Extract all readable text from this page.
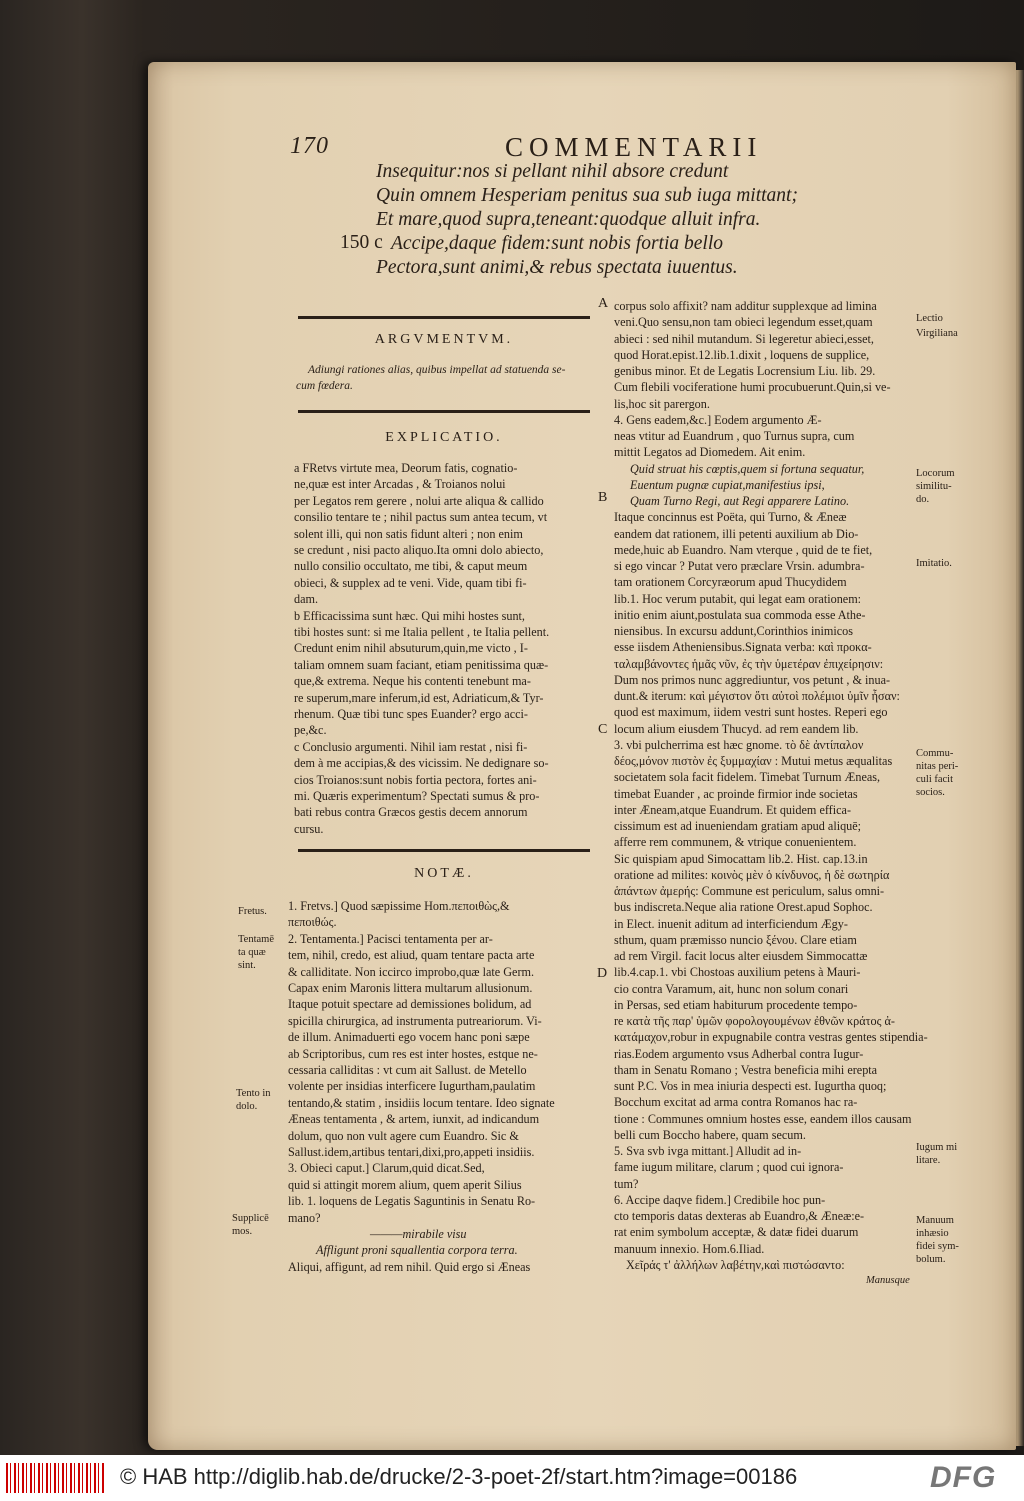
170	COMMENTARII
Insequitur:nos si pellant nihil absore credunt
Quin omnem Hesperiam penitus sua sub iuga mittant;
Et mare,quod supra,teneant:quodque alluit infra.
150 c Accipe,daque fidem:sunt nobis fortia bello
Pectora,sunt animi,& rebus spectata iuuentus.
ARGVMENTVM.
Adiungi rationes alias, quibus impellat ad statuenda se-
cum fœdera.
EXPLICATIO.
a FRetvs virtute mea, Deorum fatis, cognatio-
ne,quæ est inter Arcadas , & Troianos nolui
per Legatos rem gerere , nolui arte aliqua & callido
consilio tentare te ; nihil pactus sum antea tecum, vt
solent illi, qui non satis fidunt alteri ; non enim
se credunt , nisi pacto aliquo.Ita omni dolo abiecto,
nullo consilio occultato, me tibi, & caput meum
obieci, & supplex ad te veni. Vide, quam tibi fi-
dam.
b Efficacissima sunt hæc. Qui mihi hostes sunt,
tibi hostes sunt: si me Italia pellent , te Italia pellent.
Credunt enim nihil absuturum,quin,me victo , I-
taliam omnem suam faciant, etiam penitissima quæ-
que,& extrema. Neque his contenti tenebunt ma-
re superum,mare inferum,id est, Adriaticum,& Tyr-
rhenum. Quæ tibi tunc spes Euander? ergo acci-
pe,&c.
c Conclusio argumenti. Nihil iam restat , nisi fi-
dem à me accipias,& des vicissim. Ne dedignare so-
cios Troianos:sunt nobis fortia pectora, fortes ani-
mi. Quæris experimentum? Spectati sumus & pro-
bati rebus contra Græcos gestis decem annorum
cursu.
NOTÆ.
1. Fretvs.] Quod sæpissime Hom.πεποιθὼς,&
πεποιθώς.
2. Tentamenta.] Pacisci tentamenta per ar-
tem, nihil, credo, est aliud, quam tentare pacta arte
& calliditate. Non iccirco improbo,quæ late Germ.
Capax enim Maronis littera multarum allusionum.
Itaque potuit spectare ad demissiones bolidum, ad
spicilla chirurgica, ad instrumenta putreariorum. Vi-
de illum. Animaduerti ego vocem hanc poni sæpe
ab Scriptoribus, cum res est inter hostes, estque ne-
cessaria calliditas : vt cum ait Sallust. de Metello
volente per insidias interficere Iugurtham,paulatim
tentando,& statim , insidiis locum tentare. Ideo signate
Æneas tentamenta , & artem, iunxit, ad indicandum
dolum, quo non vult agere cum Euandro. Sic &
Sallust.idem,artibus tentari,dixi,pro,appeti insidiis.
3. Obieci caput.] Clarum,quid dicat.Sed,
quid si attingit morem alium, quem aperit Silius
lib. 1. loquens de Legatis Saguntinis in Senatu Ro-
mano?
———mirabile visu
Affligunt proni squallentia corpora terra.
Aliqui, affigunt, ad rem nihil. Quid ergo si Æneas
Fretus.
Tentamē
ta quæ
sint.
Tento in
dolo.
Supplicē
mos.
corpus solo affixit? nam additur supplexque ad limina
veni.Quo sensu,non tam obieci legendum esset,quam
abieci : sed nihil mutandum. Si legeretur abieci,esset,
quod Horat.epist.12.lib.1.dixit , loquens de supplice,
genibus minor. Et de Legatis Locrensium Liu. lib. 29.
Cum flebili vociferatione humi procubuerunt.Quin,si ve-
lis,hoc sit parergon.
4. Gens eadem,&c.] Eodem argumento Æ-
neas vtitur ad Euandrum , quo Turnus supra, cum
mittit Legatos ad Diomedem. Ait enim.
Quid struat his cœptis,quem si fortuna sequatur,
Euentum pugnæ cupiat,manifestius ipsi,
Quam Turno Regi, aut Regi apparere Latino.
Itaque concinnus est Poëta, qui Turno, & Æneæ
eandem dat rationem, illi petenti auxilium ab Dio-
mede,huic ab Euandro. Nam vterque , quid de te fiet,
si ego vincar ? Putat vero præclare Vrsin. adumbra-
tam orationem Corcyræorum apud Thucydidem
lib.1. Hoc verum putabit, qui legat eam orationem:
initio enim aiunt,postulata sua commoda esse Athe-
niensibus. In excursu addunt,Corinthios inimicos
esse iisdem Atheniensibus.Signata verba: καὶ προκα-
ταλαμβάνοντες ἡμᾶς νῦν, ἐς τὴν ὑμετέραν ἐπιχείρησιν:
Dum nos primos nunc aggrediuntur, vos petunt , & inua-
dunt.& iterum: καὶ μέγιστον ὅτι αὐτοὶ πολέμιοι ὑμῖν ἦσαν:
quod est maximum, iidem vestri sunt hostes. Reperi ego
locum alium eiusdem Thucyd. ad rem eandem lib.
3. vbi pulcherrima est hæc gnome. τὸ δὲ ἀντίπαλον
δέος,μόνον πιστὸν ἐς ξυμμαχίαν : Mutui metus æqualitas
societatem sola facit fidelem. Timebat Turnum Æneas,
timebat Euander , ac proinde firmior inde societas
inter Æneam,atque Euandrum. Et quidem effica-
cissimum est ad inueniendam gratiam apud aliquē;
afferre rem communem, & vtrique conuenientem.
Sic quispiam apud Simocattam lib.2. Hist. cap.13.in
oratione ad milites: κοινὸς μὲν ὁ κίνδυνος, ἡ δὲ σωτηρία
ἁπάντων ἀμερής: Commune est periculum, salus omni-
bus indiscreta.Neque alia ratione Orest.apud Sophoc.
in Elect. inuenit aditum ad interficiendum Ægy-
sthum, quam præmisso nuncio ξένου. Clare etiam
ad rem Virgil. facit locus alter eiusdem Simmocattæ
lib.4.cap.1. vbi Chostoas auxilium petens à Mauri-
cio contra Varamum, ait, hunc non solum conari
in Persas, sed etiam habiturum procedente tempo-
re κατὰ τῆς παρ' ὑμῶν φορολογουμένων ἐθνῶν κράτος ἀ-
κατάμαχον,robur in expugnabile contra vestras gentes stipendia-
rias.Eodem argumento vsus Adherbal contra Iugur-
tham in Senatu Romano ; Vestra beneficia mihi erepta
sunt P.C. Vos in mea iniuria despecti est. Iugurtha quoq;
Bocchum excitat ad arma contra Romanos hac ra-
tione : Communes omnium hostes esse, eandem illos causam
belli cum Boccho habere, quam secum.
5. Sva svb ivga mittant.] Alludit ad in-
fame iugum militare, clarum ; quod cui ignora-
tum?
6. Accipe daqve fidem.] Credibile hoc pun-
cto temporis datas dexteras ab Euandro,& Æneæ:e-
rat enim symbolum acceptæ, & datæ fidei duarum
manuum innexio. Hom.6.Iliad.
Χεῖράς τ' ἀλλήλων λαβέτην,καὶ πιστώσαντο:
Manusque
A
B
C
D
Lectio
Virgiliana
Locorum
similitu-
do.
Imitatio.
Commu-
nitas peri-
culi facit
socios.
Iugum mi
litare.
Manuum
inhæsio
fidei sym-
bolum.
© HAB http://diglib.hab.de/drucke/2-3-poet-2f/start.htm?image=00186	DFG
